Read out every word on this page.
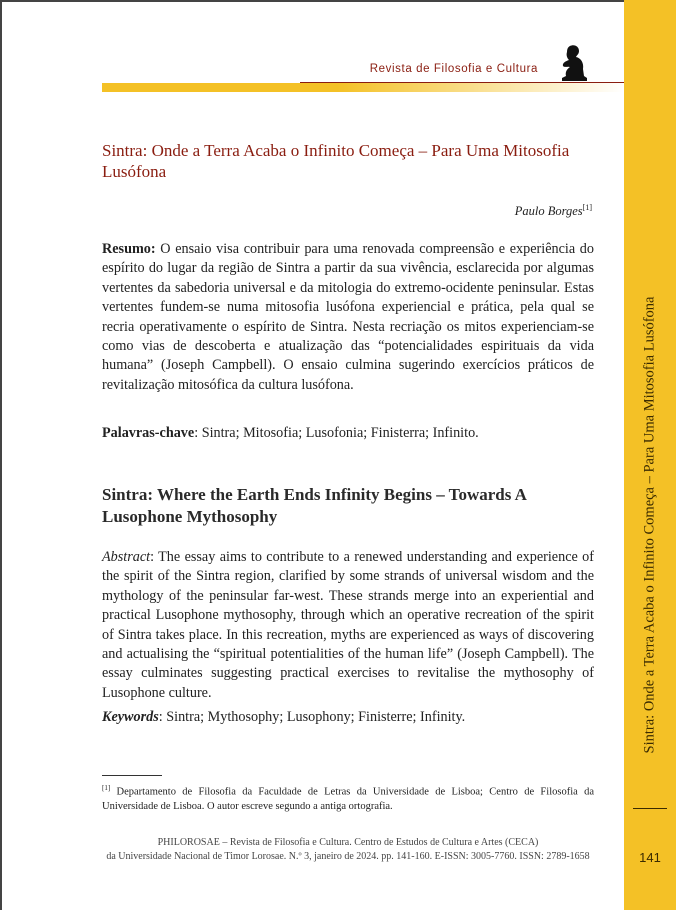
Sintra: Onde a Terra Acaba o Infinito Começa – Para Uma Mitosofia Lusófona
141
Revista de Filosofia e Cultura
Sintra: Onde a Terra Acaba o Infinito Começa – Para Uma Mitosofia Lusófona
Paulo Borges[1]
Resumo: O ensaio visa contribuir para uma renovada compreensão e experiência do espírito do lugar da região de Sintra a partir da sua vivência, esclarecida por algumas vertentes da sabedoria universal e da mitologia do extremo-ocidente peninsular. Estas vertentes fundem-se numa mitosofia lusófona experiencial e prática, pela qual se recria operativamente o espírito de Sintra. Nesta recriação os mitos experienciam-se como vias de descoberta e atualização das “potencialidades espirituais da vida humana” (Joseph Campbell). O ensaio culmina sugerindo exercícios práticos de revitalização mitosófica da cultura lusófona.
Palavras-chave: Sintra; Mitosofia; Lusofonia; Finisterra; Infinito.
Sintra: Where the Earth Ends Infinity Begins – Towards A Lusophone Mythosophy
Abstract: The essay aims to contribute to a renewed understanding and experience of the spirit of the Sintra region, clarified by some strands of universal wisdom and the mythology of the peninsular far-west. These strands merge into an experiential and practical Lusophone mythosophy, through which an operative recreation of the spirit of Sintra takes place. In this recreation, myths are experienced as ways of discovering and actualising the “spiritual potentialities of the human life” (Joseph Campbell). The essay culminates suggesting practical exercises to revitalise the mythosophy of Lusophone culture.
Keywords: Sintra; Mythosophy; Lusophony; Finisterre; Infinity.
[1] Departamento de Filosofia da Faculdade de Letras da Universidade de Lisboa; Centro de Filosofia da Universidade de Lisboa. O autor escreve segundo a antiga ortografia.
PHILOROSAE – Revista de Filosofia e Cultura. Centro de Estudos de Cultura e Artes (CECA)
da Universidade Nacional de Timor Lorosae. N.º 3, janeiro de 2024. pp. 141-160. E-ISSN: 3005-7760. ISSN: 2789-1658
